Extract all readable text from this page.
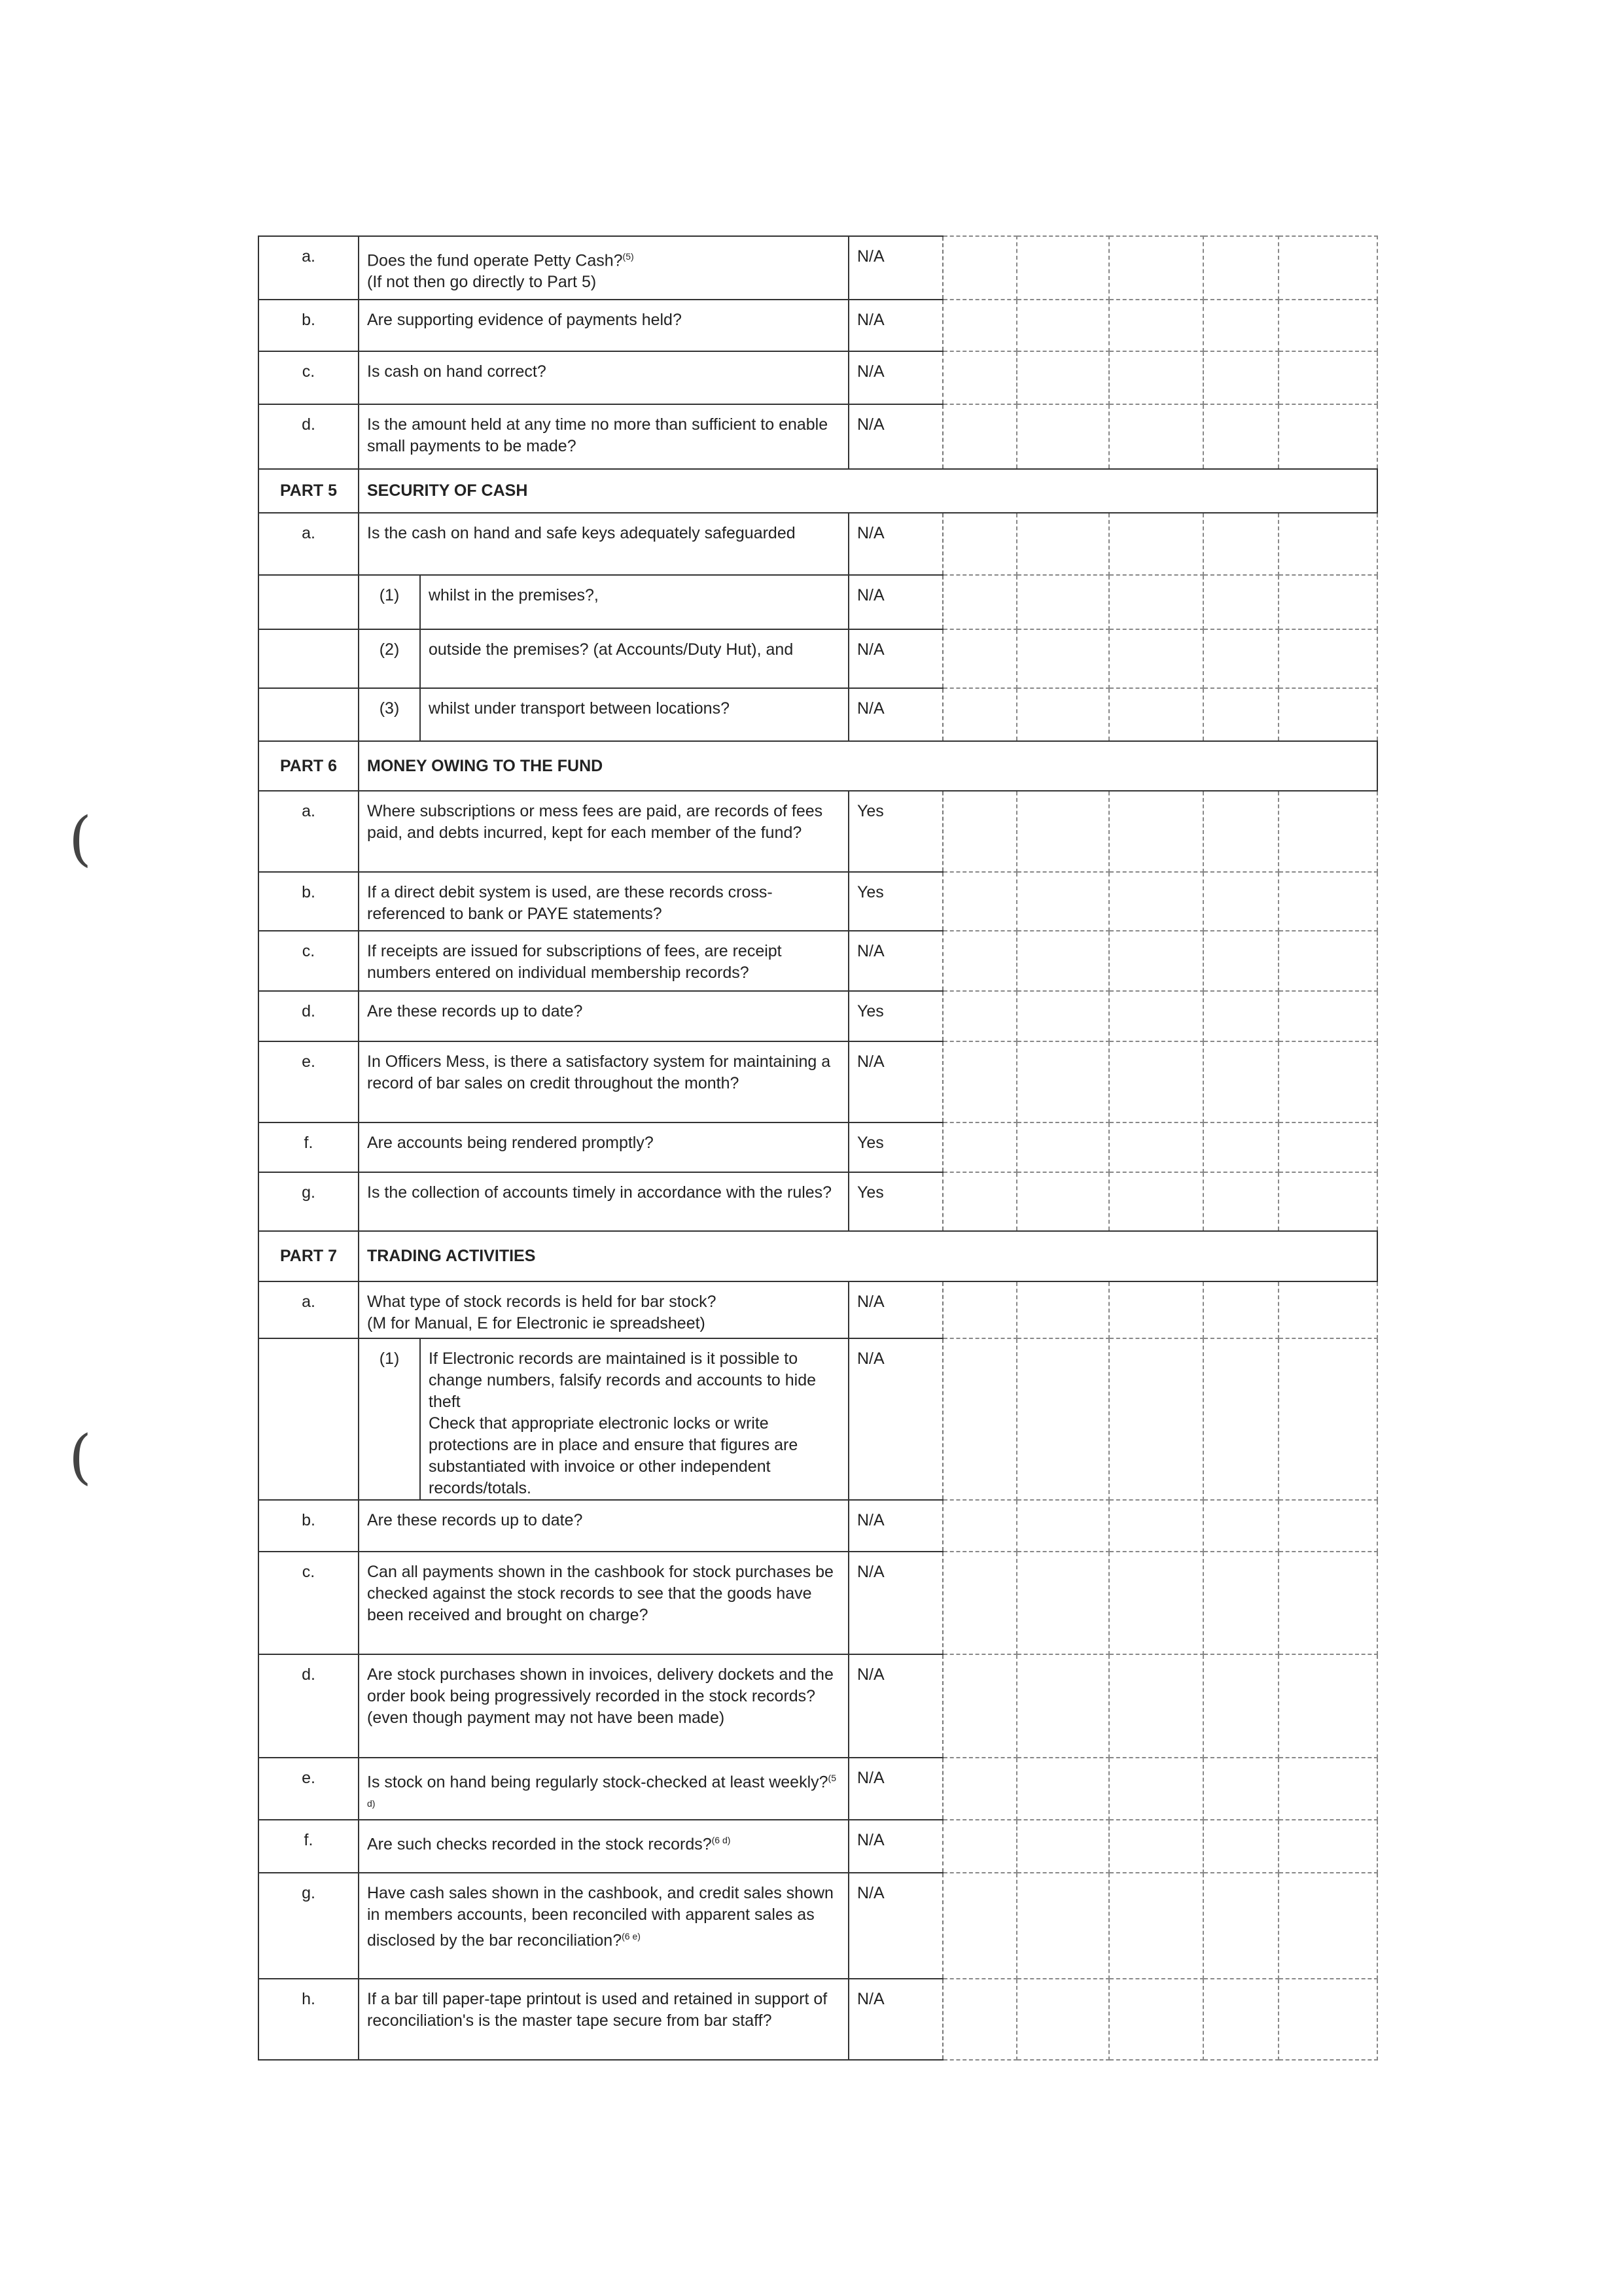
(
(
a.	Does the fund operate Petty Cash?$^{(5)}$
(If not then go directly to Part 5)		N/A					
b.	Are supporting evidence of payments held?		N/A					
c.	Is cash on hand correct?		N/A					
d.	Is the amount held at any time no more than sufficient to enable small payments to be made?		N/A					
PART 5	SECURITY OF CASH							
a.	Is the cash on hand and safe keys adequately safeguarded		N/A					
	(1)	whilst in the premises?,	N/A					
	(2)	outside the premises? (at Accounts/Duty Hut), and	N/A					
	(3)	whilst under transport between locations?	N/A					
PART 6	MONEY OWING TO THE FUND							
a.	Where subscriptions or mess fees are paid, are records of fees paid, and debts incurred, kept for each member of the fund?		Yes					
b.	If a direct debit system is used, are these records cross-referenced to bank or PAYE statements?		Yes					
c.	If receipts are issued for subscriptions of fees, are receipt numbers entered on individual membership records?		N/A					
d.	Are these records up to date?		Yes					
e.	In Officers Mess, is there a satisfactory system for maintaining a record of bar sales on credit throughout the month?		N/A					
f.	Are accounts being rendered promptly?		Yes					
g.	Is the collection of accounts timely in accordance with the rules?		Yes					
PART 7	TRADING ACTIVITIES							
a.	What type of stock records is held for bar stock?
(M for Manual, E for Electronic ie spreadsheet)		N/A					
	(1)	If Electronic records are maintained is it possible to change numbers, falsify records and accounts to hide theft
Check that appropriate electronic locks or write protections are in place and ensure that figures are substantiated with invoice or other independent records/totals.	N/A					
b.	Are these records up to date?		N/A					
c.	Can all payments shown in the cashbook for stock purchases be checked against the stock records to see that the goods have been received and brought on charge?		N/A					
d.	Are stock purchases shown in invoices, delivery dockets and the order book being progressively recorded in the stock records? (even though payment may not have been made)		N/A					
e.	Is stock on hand being regularly stock-checked at least weekly?$^{(5 d)}$		N/A					
f.	Are such checks recorded in the stock records?$^{(6 d)}$		N/A					
g.	Have cash sales shown in the cashbook, and credit sales shown in members accounts, been reconciled with apparent sales as disclosed by the bar reconciliation?$^{(6 e)}$		N/A					
h.	If a bar till paper-tape printout is used and retained in support of reconciliation's is the master tape secure from bar staff?		N/A					
